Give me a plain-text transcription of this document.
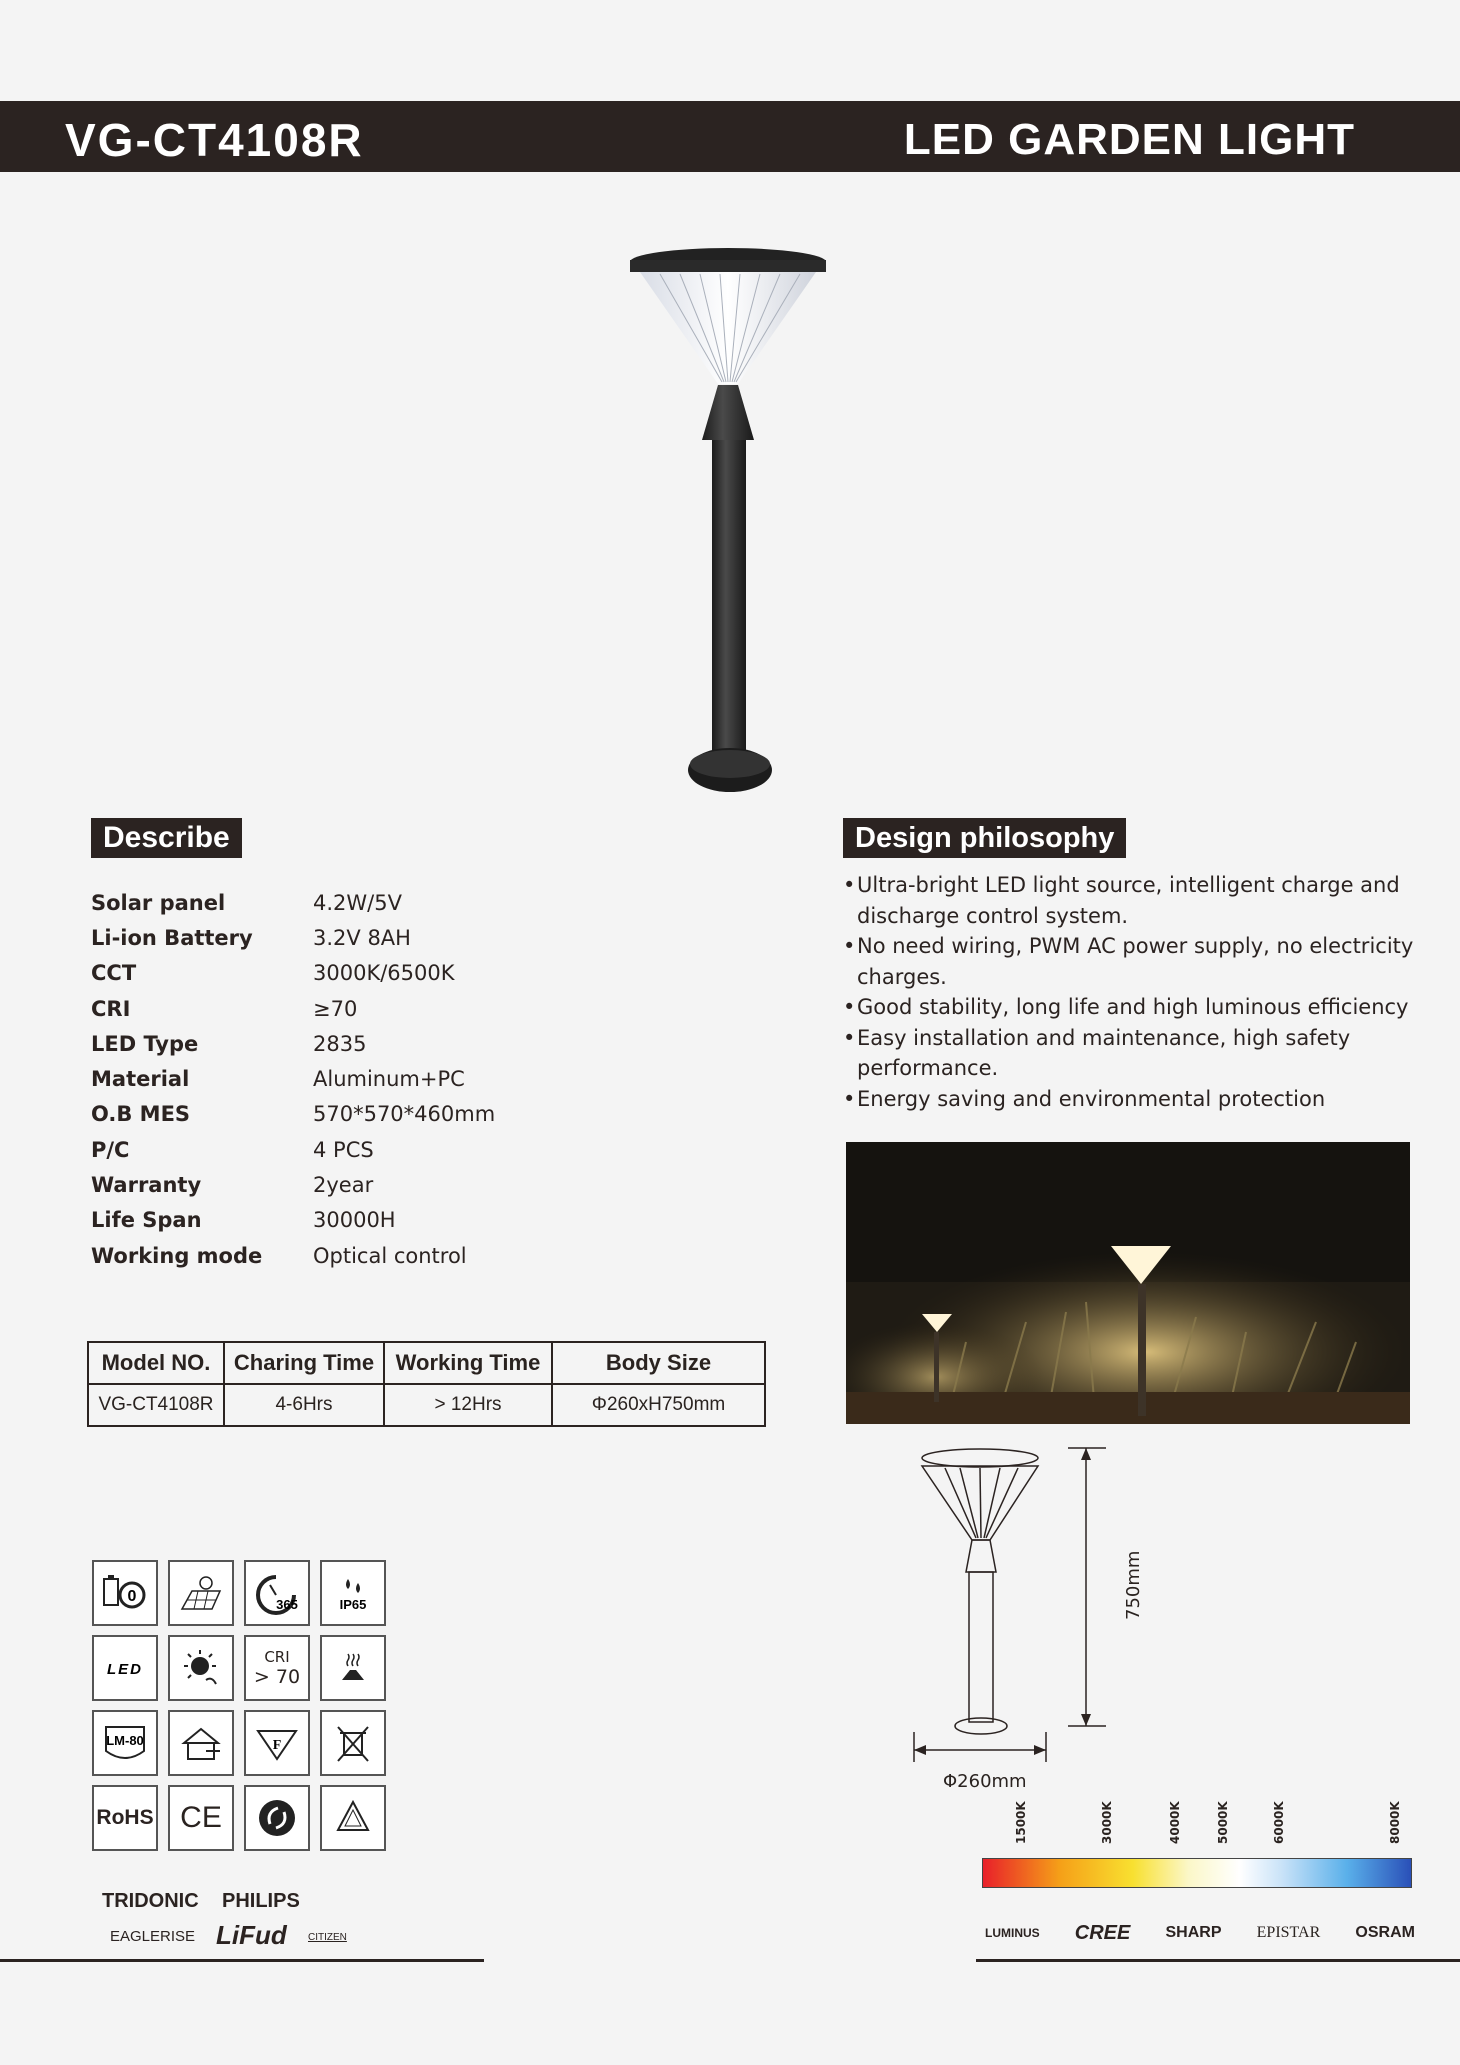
VG-CT4108R	LED GARDEN LIGHT
Describe
Solar panel	4.2W/5V
Li-ion Battery	3.2V 8AH
CCT	3000K/6500K
CRI	≥70
LED Type	2835
Material	Aluminum+PC
O.B MES	570*570*460mm
P/C	4 PCS
Warranty	2year
Life Span	30000H
Working mode	Optical control
Model NO.	Charing Time	Working Time	Body Size
VG-CT4108R	4-6Hrs	> 12Hrs	Φ260xH750mm
Design philosophy
• Ultra-bright LED light source, intelligent charge and discharge control system.
• No need wiring, PWM AC power supply, no electricity charges.
• Good stability, long life and high luminous efficiency
• Easy installation and maintenance, high safety performance.
• Energy saving and environmental protection
750mm
Φ260mm
0	365	IP65
LED
CRI
> 70
LM-80	F
RoHS CE
TRIDONIC PHILIPS
EAGLERISE LiFud CITIZEN
1500K	3000K	4000K	5000K	6000K	8000K
LUMINUS CREE SHARP EPISTAR OSRAM
